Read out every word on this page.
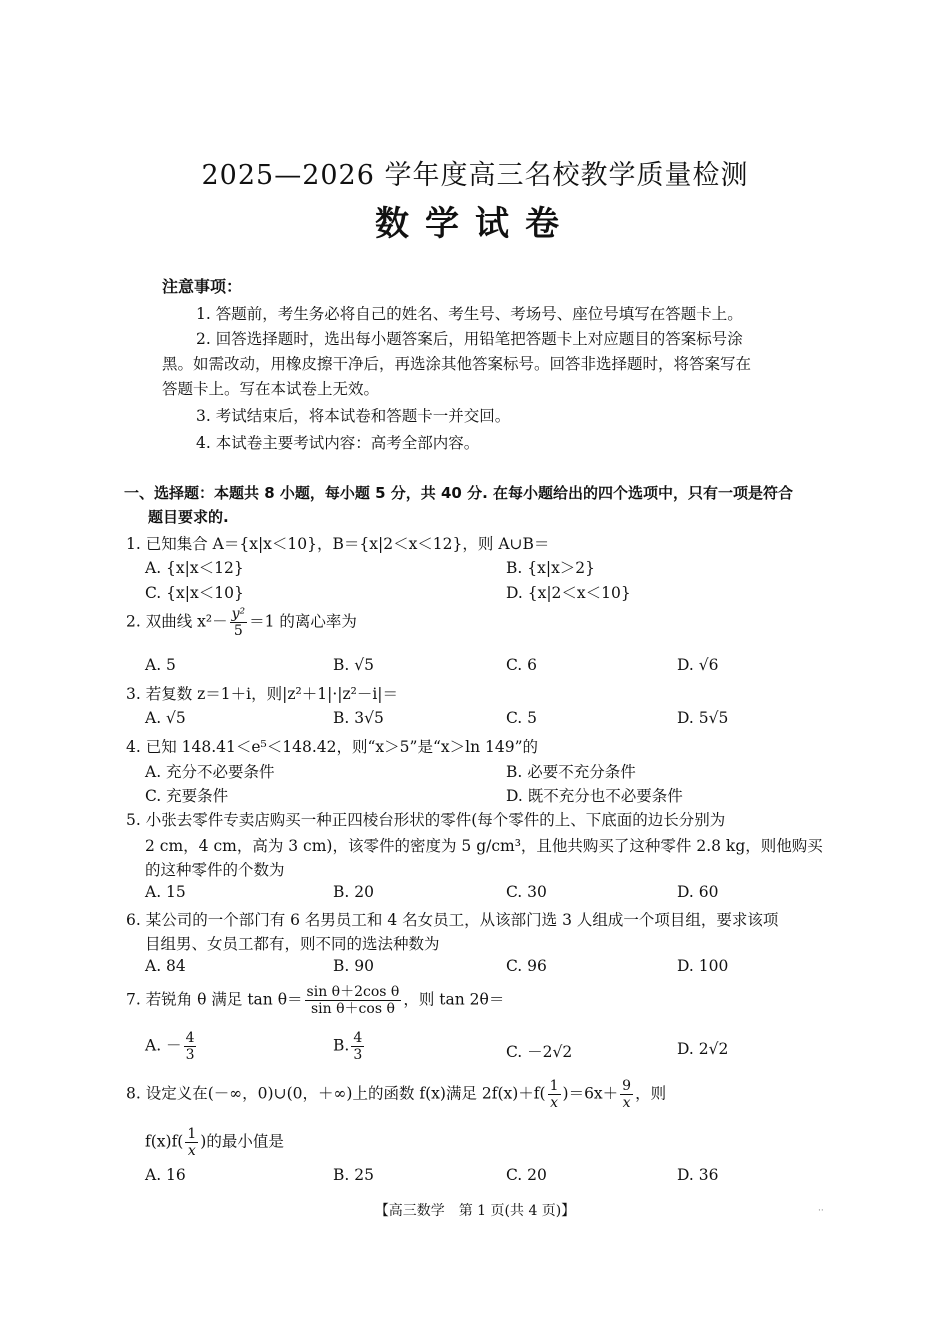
2025—2026 学年度高三名校教学质量检测
数学试卷
注意事项：
1. 答题前，考生务必将自己的姓名、考生号、考场号、座位号填写在答题卡上。
2. 回答选择题时，选出每小题答案后，用铅笔把答题卡上对应题目的答案标号涂
黑。如需改动，用橡皮擦干净后，再选涂其他答案标号。回答非选择题时，将答案写在
答题卡上。写在本试卷上无效。
3. 考试结束后，将本试卷和答题卡一并交回。
4. 本试卷主要考试内容：高考全部内容。
一、选择题：本题共 8 小题，每小题 5 分，共 40 分. 在每小题给出的四个选项中，只有一项是符合
题目要求的.
1. 已知集合 A＝{x|x＜10}，B＝{x|2＜x＜12}，则 A∪B＝
A. {x|x＜12}	B. {x|x＞2}
C. {x|x＜10}	D. {x|2＜x＜10}
2. 双曲线 $x^2- \frac{\text{y²}}{5} =1$ 的离心率为
A. 5	B. √5	C. 6	D. √6
3. 若复数 z＝1＋i，则|z²＋1|·|z²－i|＝
A. √5	B. 3√5	C. 5	D. 5√5
4. 已知 148.41＜e⁵＜148.42，则“x＞5”是“x＞ln 149”的
A. 充分不必要条件	B. 必要不充分条件
C. 充要条件	D. 既不充分也不必要条件
5. 小张去零件专卖店购买一种正四棱台形状的零件(每个零件的上、下底面的边长分别为
2 cm，4 cm，高为 3 cm)，该零件的密度为 5 g/cm³，且他共购买了这种零件 2.8 kg，则他购买
的这种零件的个数为
A. 15	B. 20	C. 30	D. 60
6. 某公司的一个部门有 6 名男员工和 4 名女员工，从该部门选 3 人组成一个项目组，要求该项
目组男、女员工都有，则不同的选法种数为
A. 84	B. 90	C. 96	D. 100
7. 若锐角 θ 满足 $\tan \theta= \frac{\text{sin θ＋2cos θ}}{\text{sin θ＋cos θ}}$ ，则 tan 2θ＝
A. － $\frac{4}{3}$	B. $\frac{4}{3}$	C. －2√2	D. 2√2
8. 设定义在(－∞，0)∪(0，＋∞)上的函数 f(x)满足 $2f(x)+f( \frac{1}{x} )=6x+ \frac{9}{x}$ ，则
$f(x)f( \frac{1}{x}$ )的最小值是
A. 16	B. 25	C. 20	D. 36
【高三数学　第 1 页(共 4 页)】	··
